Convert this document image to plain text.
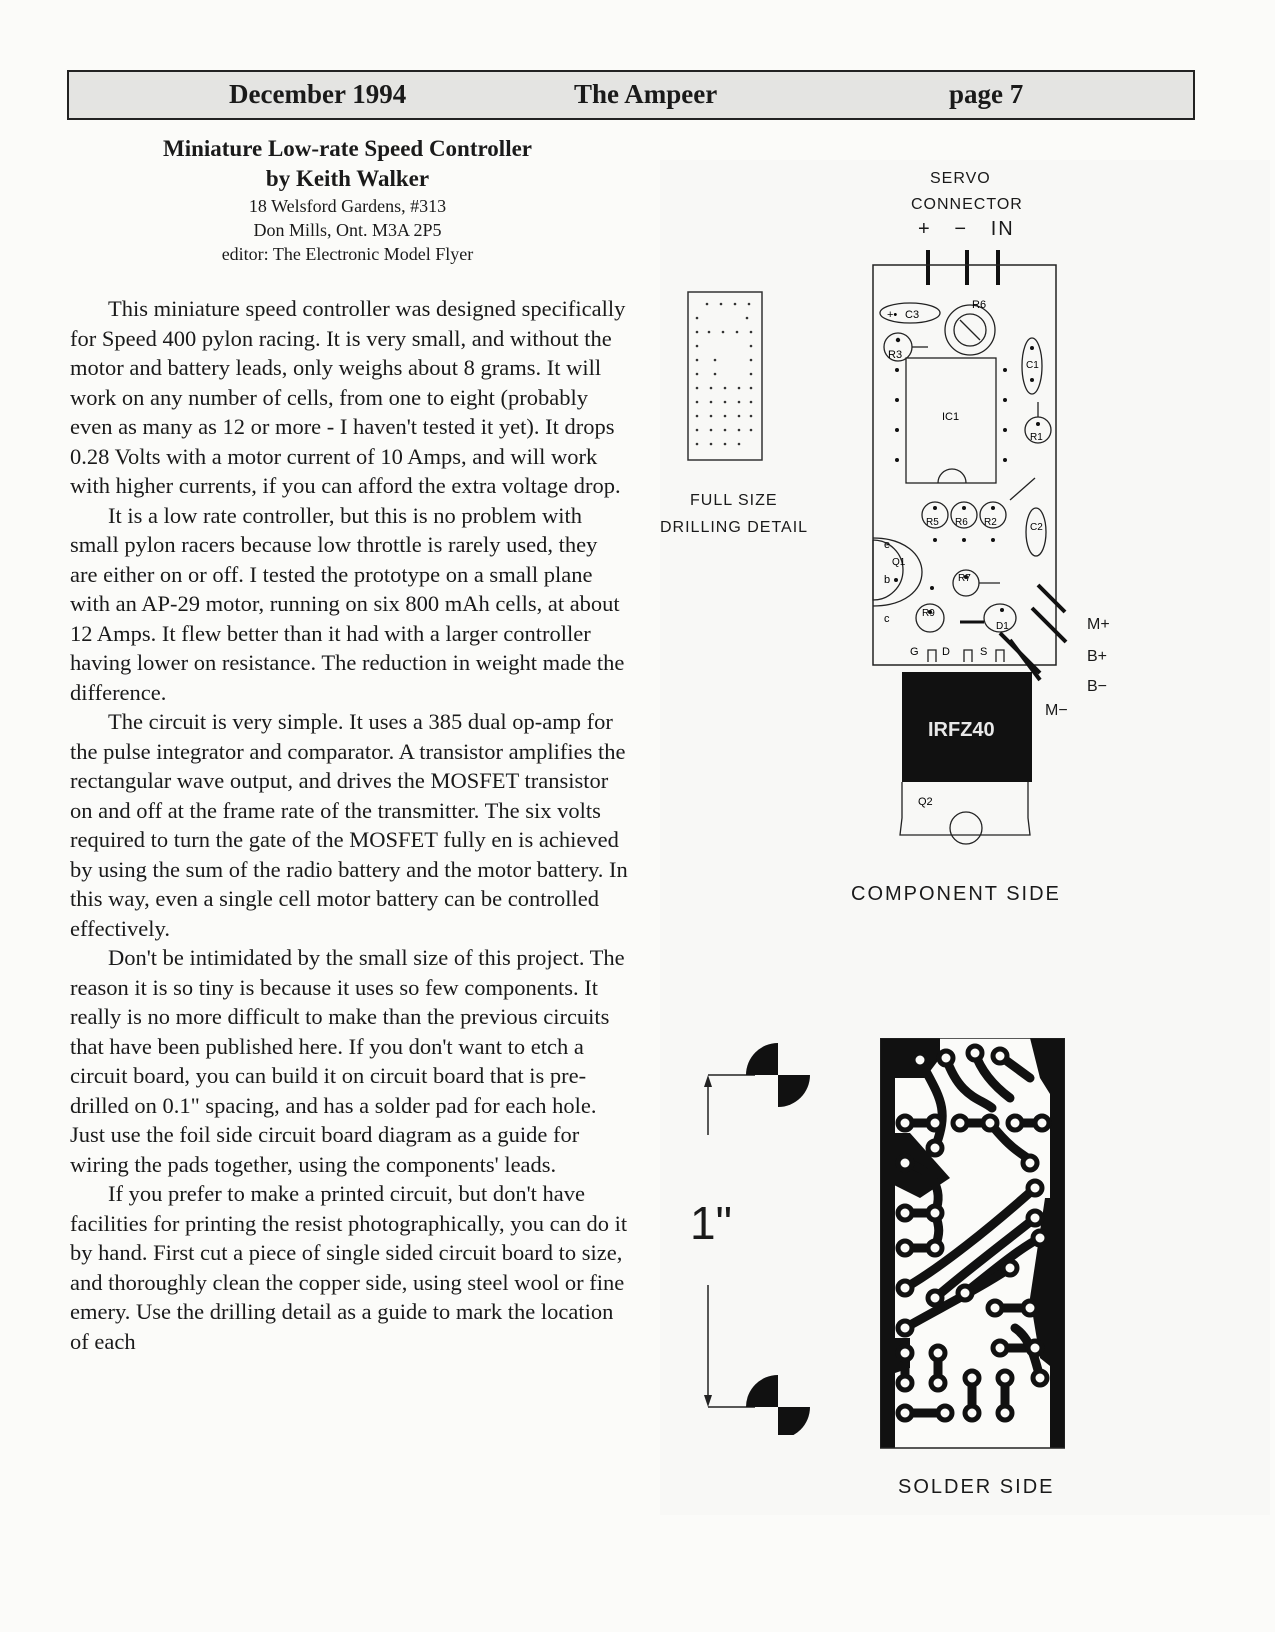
December 1994	The Ampeer	page 7
Miniature Low-rate Speed Controller
by Keith Walker
18 Welsford Gardens, #313
Don Mills, Ont. M3A 2P5
editor: The Electronic Model Flyer

This miniature speed controller was designed specifically for Speed 400 pylon racing. It is very small, and without the motor and battery leads, only weighs about 8 grams. It will work on any number of cells, from one to eight (probably even as many as 12 or more - I haven't tested it yet). It drops 0.28 Volts with a motor current of 10 Amps, and will work with higher currents, if you can afford the extra voltage drop.

It is a low rate controller, but this is no problem with small pylon racers because low throttle is rarely used, they are either on or off. I tested the prototype on a small plane with an AP-29 motor, running on six 800 mAh cells, at about 12 Amps. It flew better than it had with a larger controller having lower on resistance. The reduction in weight made the difference.

The circuit is very simple. It uses a 385 dual op-amp for the pulse integrator and comparator. A transistor amplifies the rectangular wave output, and drives the MOSFET transistor on and off at the frame rate of the transmitter. The six volts required to turn the gate of the MOSFET fully en is achieved by using the sum of the radio battery and the motor battery. In this way, even a single cell motor battery can be controlled effectively.

Don't be intimidated by the small size of this project. The reason it is so tiny is because it uses so few components. It really is no more difficult to make than the previous circuits that have been published here. If you don't want to etch a circuit board, you can build it on circuit board that is pre-drilled on 0.1" spacing, and has a solder pad for each hole. Just use the foil side circuit board diagram as a guide for wiring the pads together, using the components' leads.

If you prefer to make a printed circuit, but don't have facilities for printing the resist photographically, you can do it by hand. First cut a piece of single sided circuit board to size, and thoroughly clean the copper side, using steel wool or fine emery. Use the drilling detail as a guide to mark the location of each

SERVO
CONNECTOR
+   −   IN
FULL SIZE
DRILLING DETAIL
COMPONENT SIDE
SOLDER SIDE
1"
+• C3
R6
R3
C1
IC1
R1
R5 R6 R2	C2
Q1
e
b
c
R7
R9
D1
G D	S
IRFZ40
Q2
M+
B+
B−
M−
